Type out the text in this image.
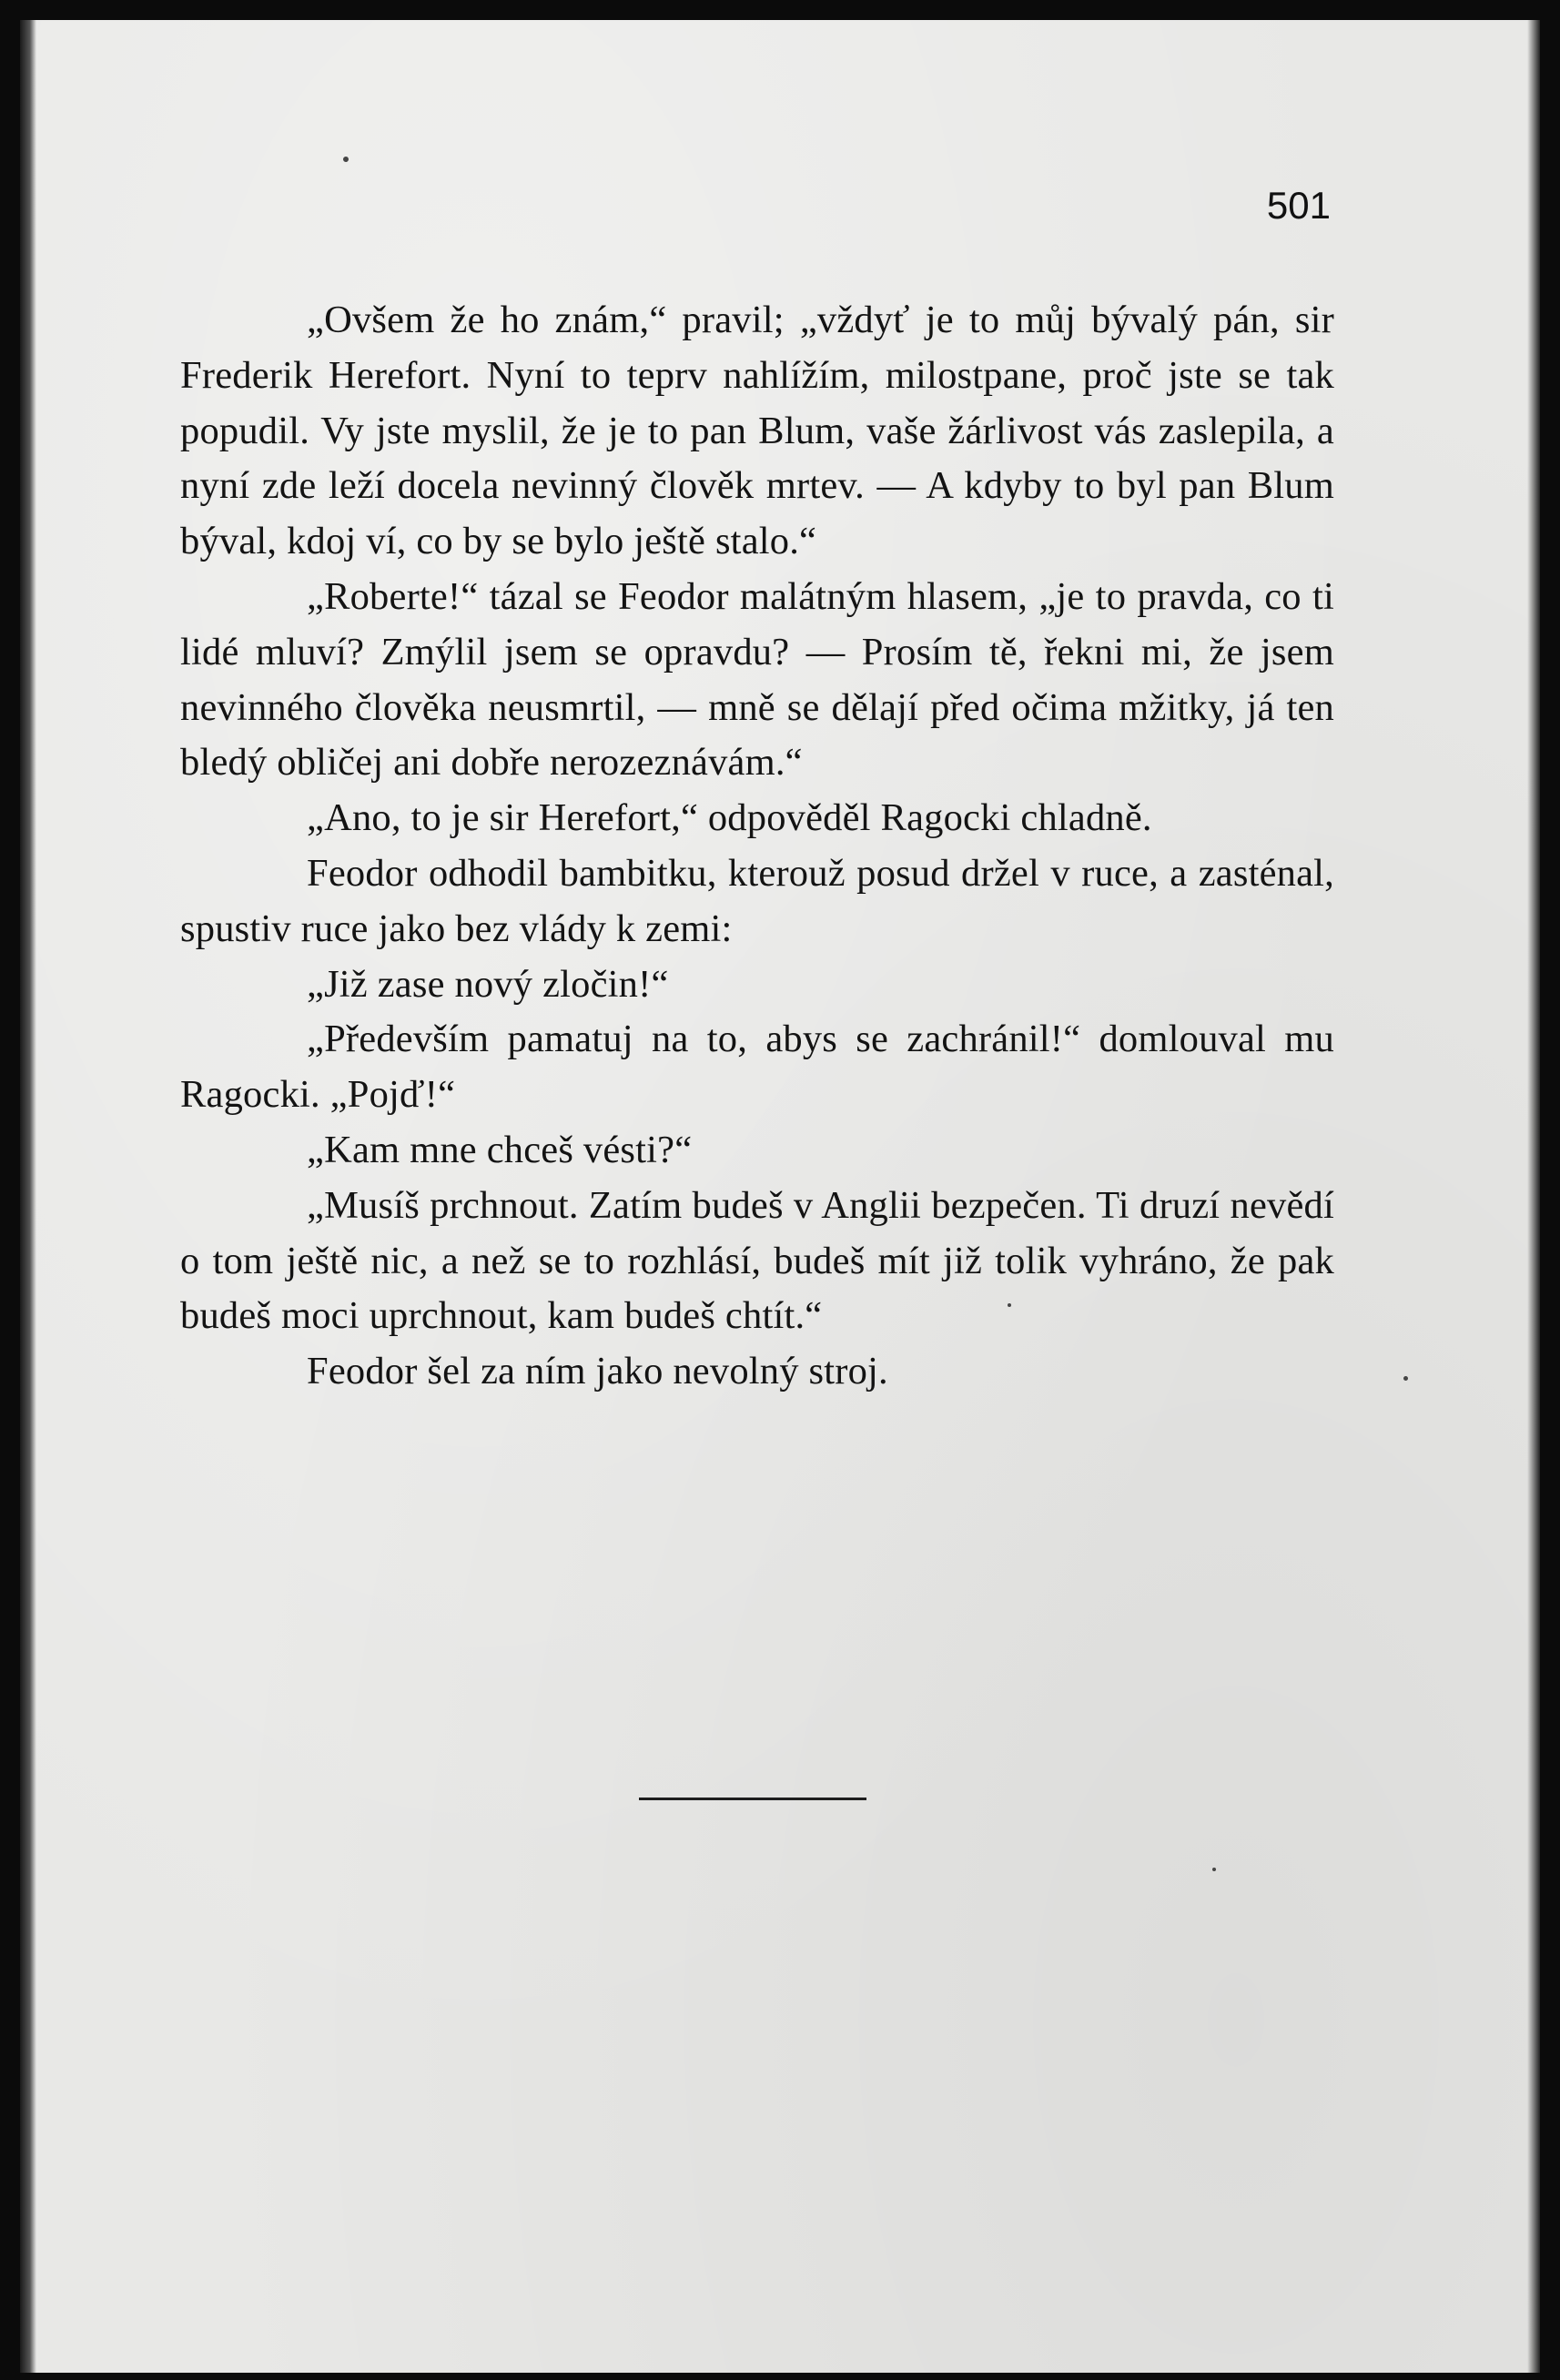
501

„Ovšem že ho znám,“ pravil; „vždyť je to můj bývalý pán, sir Frederik Herefort. Nyní to teprv nahlížím, milostpane, proč jste se tak popudil. Vy jste myslil, že je to pan Blum, vaše žárlivost vás zaslepila, a nyní zde leží docela nevinný člověk mrtev. — A kdyby to byl pan Blum býval, kdoj ví, co by se bylo ještě stalo.“

„Roberte!“ tázal se Feodor malátným hlasem, „je to pravda, co ti lidé mluví? Zmýlil jsem se opravdu? — Prosím tě, řekni mi, že jsem nevinného člověka neusmrtil, — mně se dělají před očima mžitky, já ten bledý obličej ani dobře nerozeznávám.“

„Ano, to je sir Herefort,“ odpověděl Ragocki chladně.

Feodor odhodil bambitku, kterouž posud držel v ruce, a zasténal, spustiv ruce jako bez vlády k zemi:

„Již zase nový zločin!“

„Především pamatuj na to, abys se zachránil!“ domlouval mu Ragocki. „Pojď!“

„Kam mne chceš vésti?“

„Musíš prchnout. Zatím budeš v Anglii bezpečen. Ti druzí nevědí o tom ještě nic, a než se to rozhlásí, budeš mít již tolik vyhráno, že pak budeš moci uprchnout, kam budeš chtít.“

Feodor šel za ním jako nevolný stroj.
